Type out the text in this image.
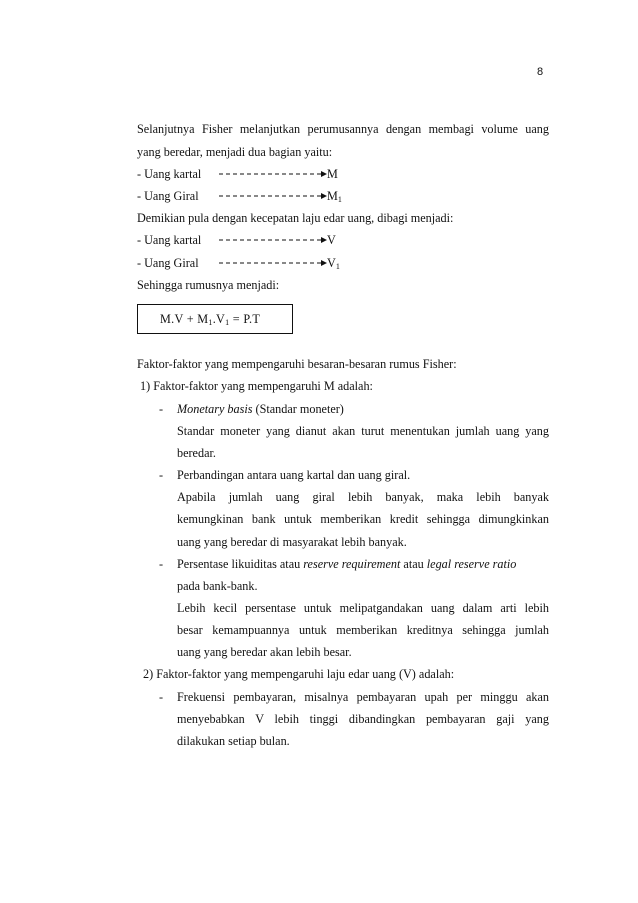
8
Selanjutnya Fisher melanjutkan perumusannya dengan membagi volume uang
yang beredar, menjadi dua bagian yaitu:
- Uang kartal	M
- Uang Giral	$M_1$
Demikian pula dengan kecepatan laju edar uang, dibagi menjadi:
- Uang kartal	V
- Uang Giral	$V_1$
Sehingga rumusnya menjadi:
$M.V + M_1.V_1 = P.T$
Faktor-faktor yang mempengaruhi besaran-besaran rumus Fisher:
1) Faktor-faktor yang mempengaruhi M adalah:
- Monetary basis (Standar moneter)
Standar moneter yang dianut akan turut menentukan jumlah uang yang
beredar.
- Perbandingan antara uang kartal dan uang giral.
Apabila jumlah uang giral lebih banyak, maka lebih banyak
kemungkinan bank untuk memberikan kredit sehingga dimungkinkan
uang yang beredar di masyarakat lebih banyak.
- Persentase likuiditas atau reserve requirement atau legal reserve ratio
pada bank-bank.
Lebih kecil persentase untuk melipatgandakan uang dalam arti lebih
besar kemampuannya untuk memberikan kreditnya sehingga jumlah
uang yang beredar akan lebih besar.
2) Faktor-faktor yang mempengaruhi laju edar uang (V) adalah:
- Frekuensi pembayaran, misalnya pembayaran upah per minggu akan
menyebabkan V lebih tinggi dibandingkan pembayaran gaji yang
dilakukan setiap bulan.
